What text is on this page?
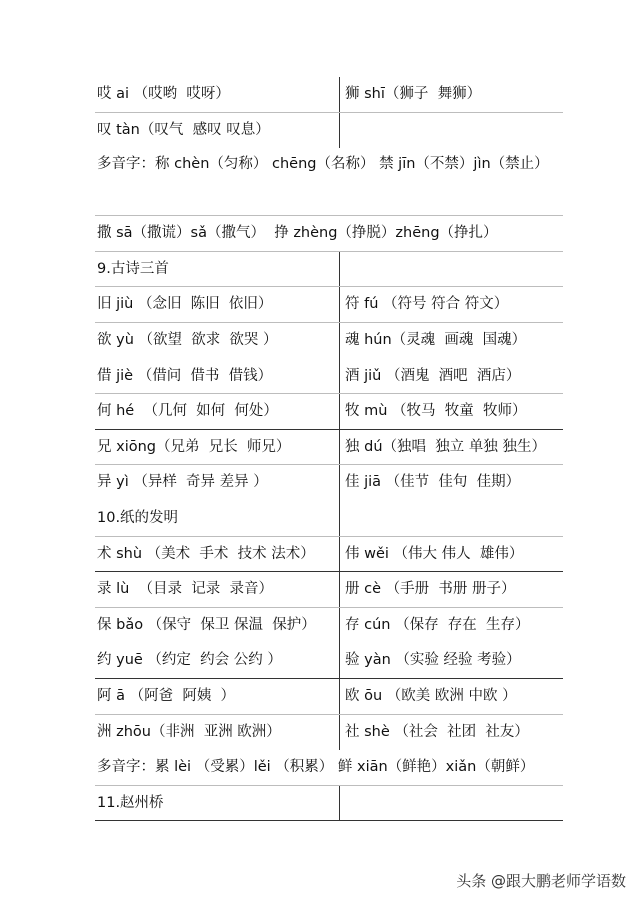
哎 ai （哎哟  哎呀）	狮 shī（狮子  舞狮）
叹 tàn（叹气  感叹 叹息）
多音字：称 chèn（匀称） chēng（名称） 禁 jīn（不禁）jìn（禁止）
撒 sā（撒谎）sǎ（撒气）  挣 zhèng（挣脱）zhēng（挣扎）
9.古诗三首
旧 jiù （念旧  陈旧  依旧）	符 fú （符号 符合 符文）
欲 yù （欲望  欲求  欲哭 ）	魂 hún（灵魂  画魂  国魂）
借 jiè （借问  借书  借钱）	酒 jiǔ （酒鬼  酒吧  酒店）
何 hé  （几何  如何  何处）	牧 mù （牧马  牧童  牧师）
兄 xiōng（兄弟  兄长  师兄）	独 dú（独唱  独立 单独 独生）
异 yì （异样  奇异 差异 ）	佳 jiā （佳节  佳句  佳期）
10.纸的发明
术 shù （美术  手术  技术 法术）	伟 wěi （伟大 伟人  雄伟）
录 lù  （目录  记录  录音）	册 cè （手册  书册 册子）
保 bǎo （保守  保卫 保温  保护）	存 cún （保存  存在  生存）
约 yuē （约定  约会 公约 ）	验 yàn （实验 经验 考验）
阿 ā （阿爸  阿姨  ）	欧 ōu （欧美 欧洲 中欧 ）
洲 zhōu（非洲  亚洲 欧洲）	社 shè （社会  社团  社友）
多音字：累 lèi （受累）lěi （积累） 鲜 xiān（鲜艳）xiǎn（朝鲜）
11.赵州桥
头条 @跟大鹏老师学语数
